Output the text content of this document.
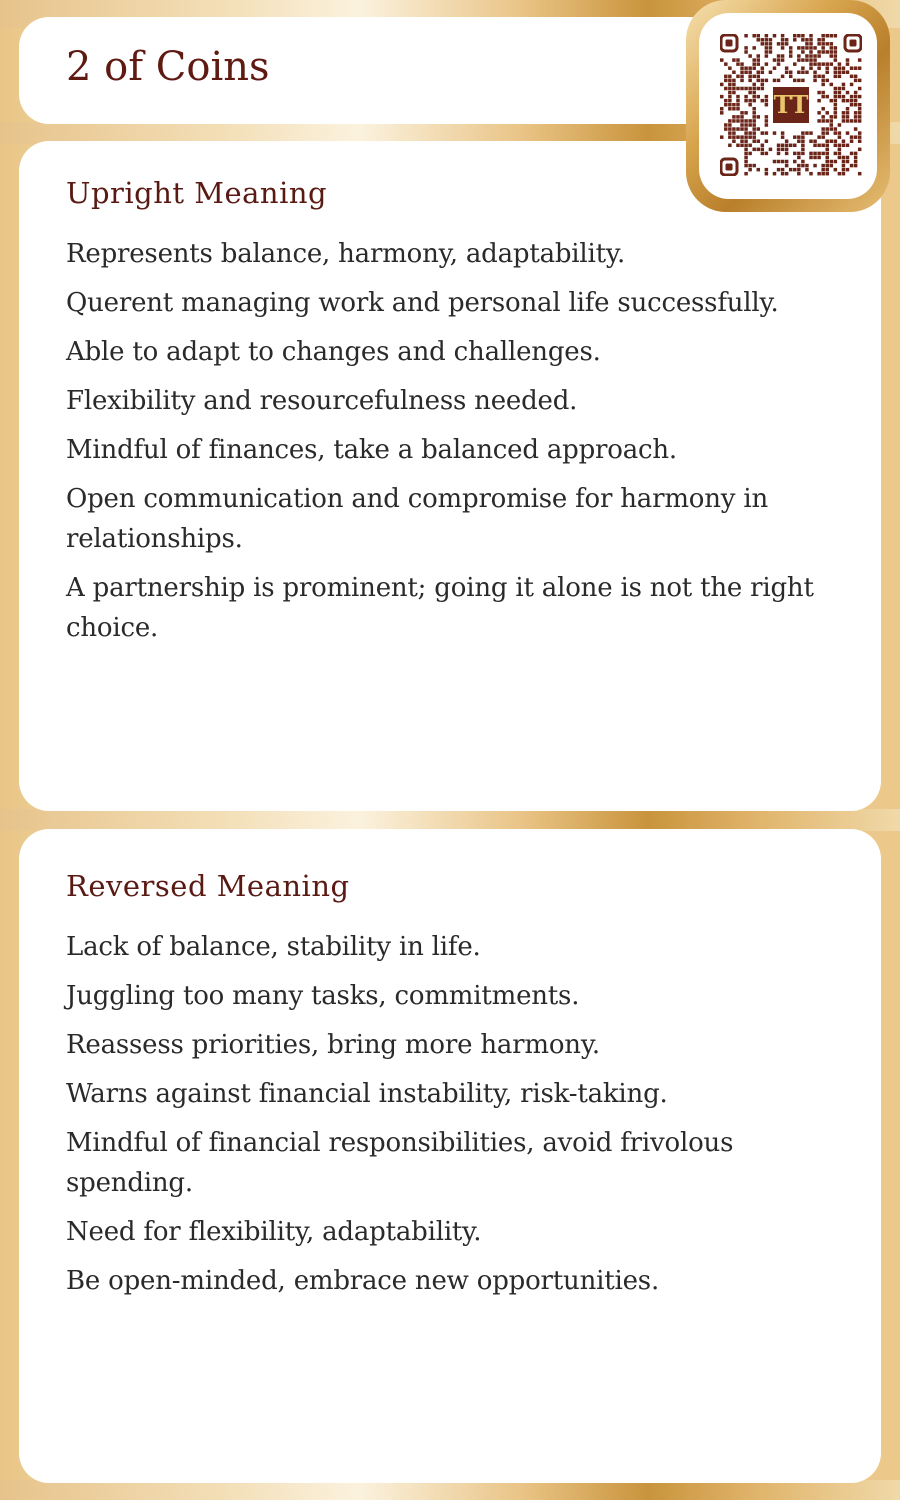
2 of Coins
Upright Meaning
Represents balance, harmony, adaptability.
Querent managing work and personal life successfully.
Able to adapt to changes and challenges.
Flexibility and resourcefulness needed.
Mindful of finances, take a balanced approach.
Open communication and compromise for harmony in relationships.
A partnership is prominent; going it alone is not the right choice.
Reversed Meaning
Lack of balance, stability in life.
Juggling too many tasks, commitments.
Reassess priorities, bring more harmony.
Warns against financial instability, risk-taking.
Mindful of financial responsibilities, avoid frivolous spending.
Need for flexibility, adaptability.
Be open-minded, embrace new opportunities.
TT
